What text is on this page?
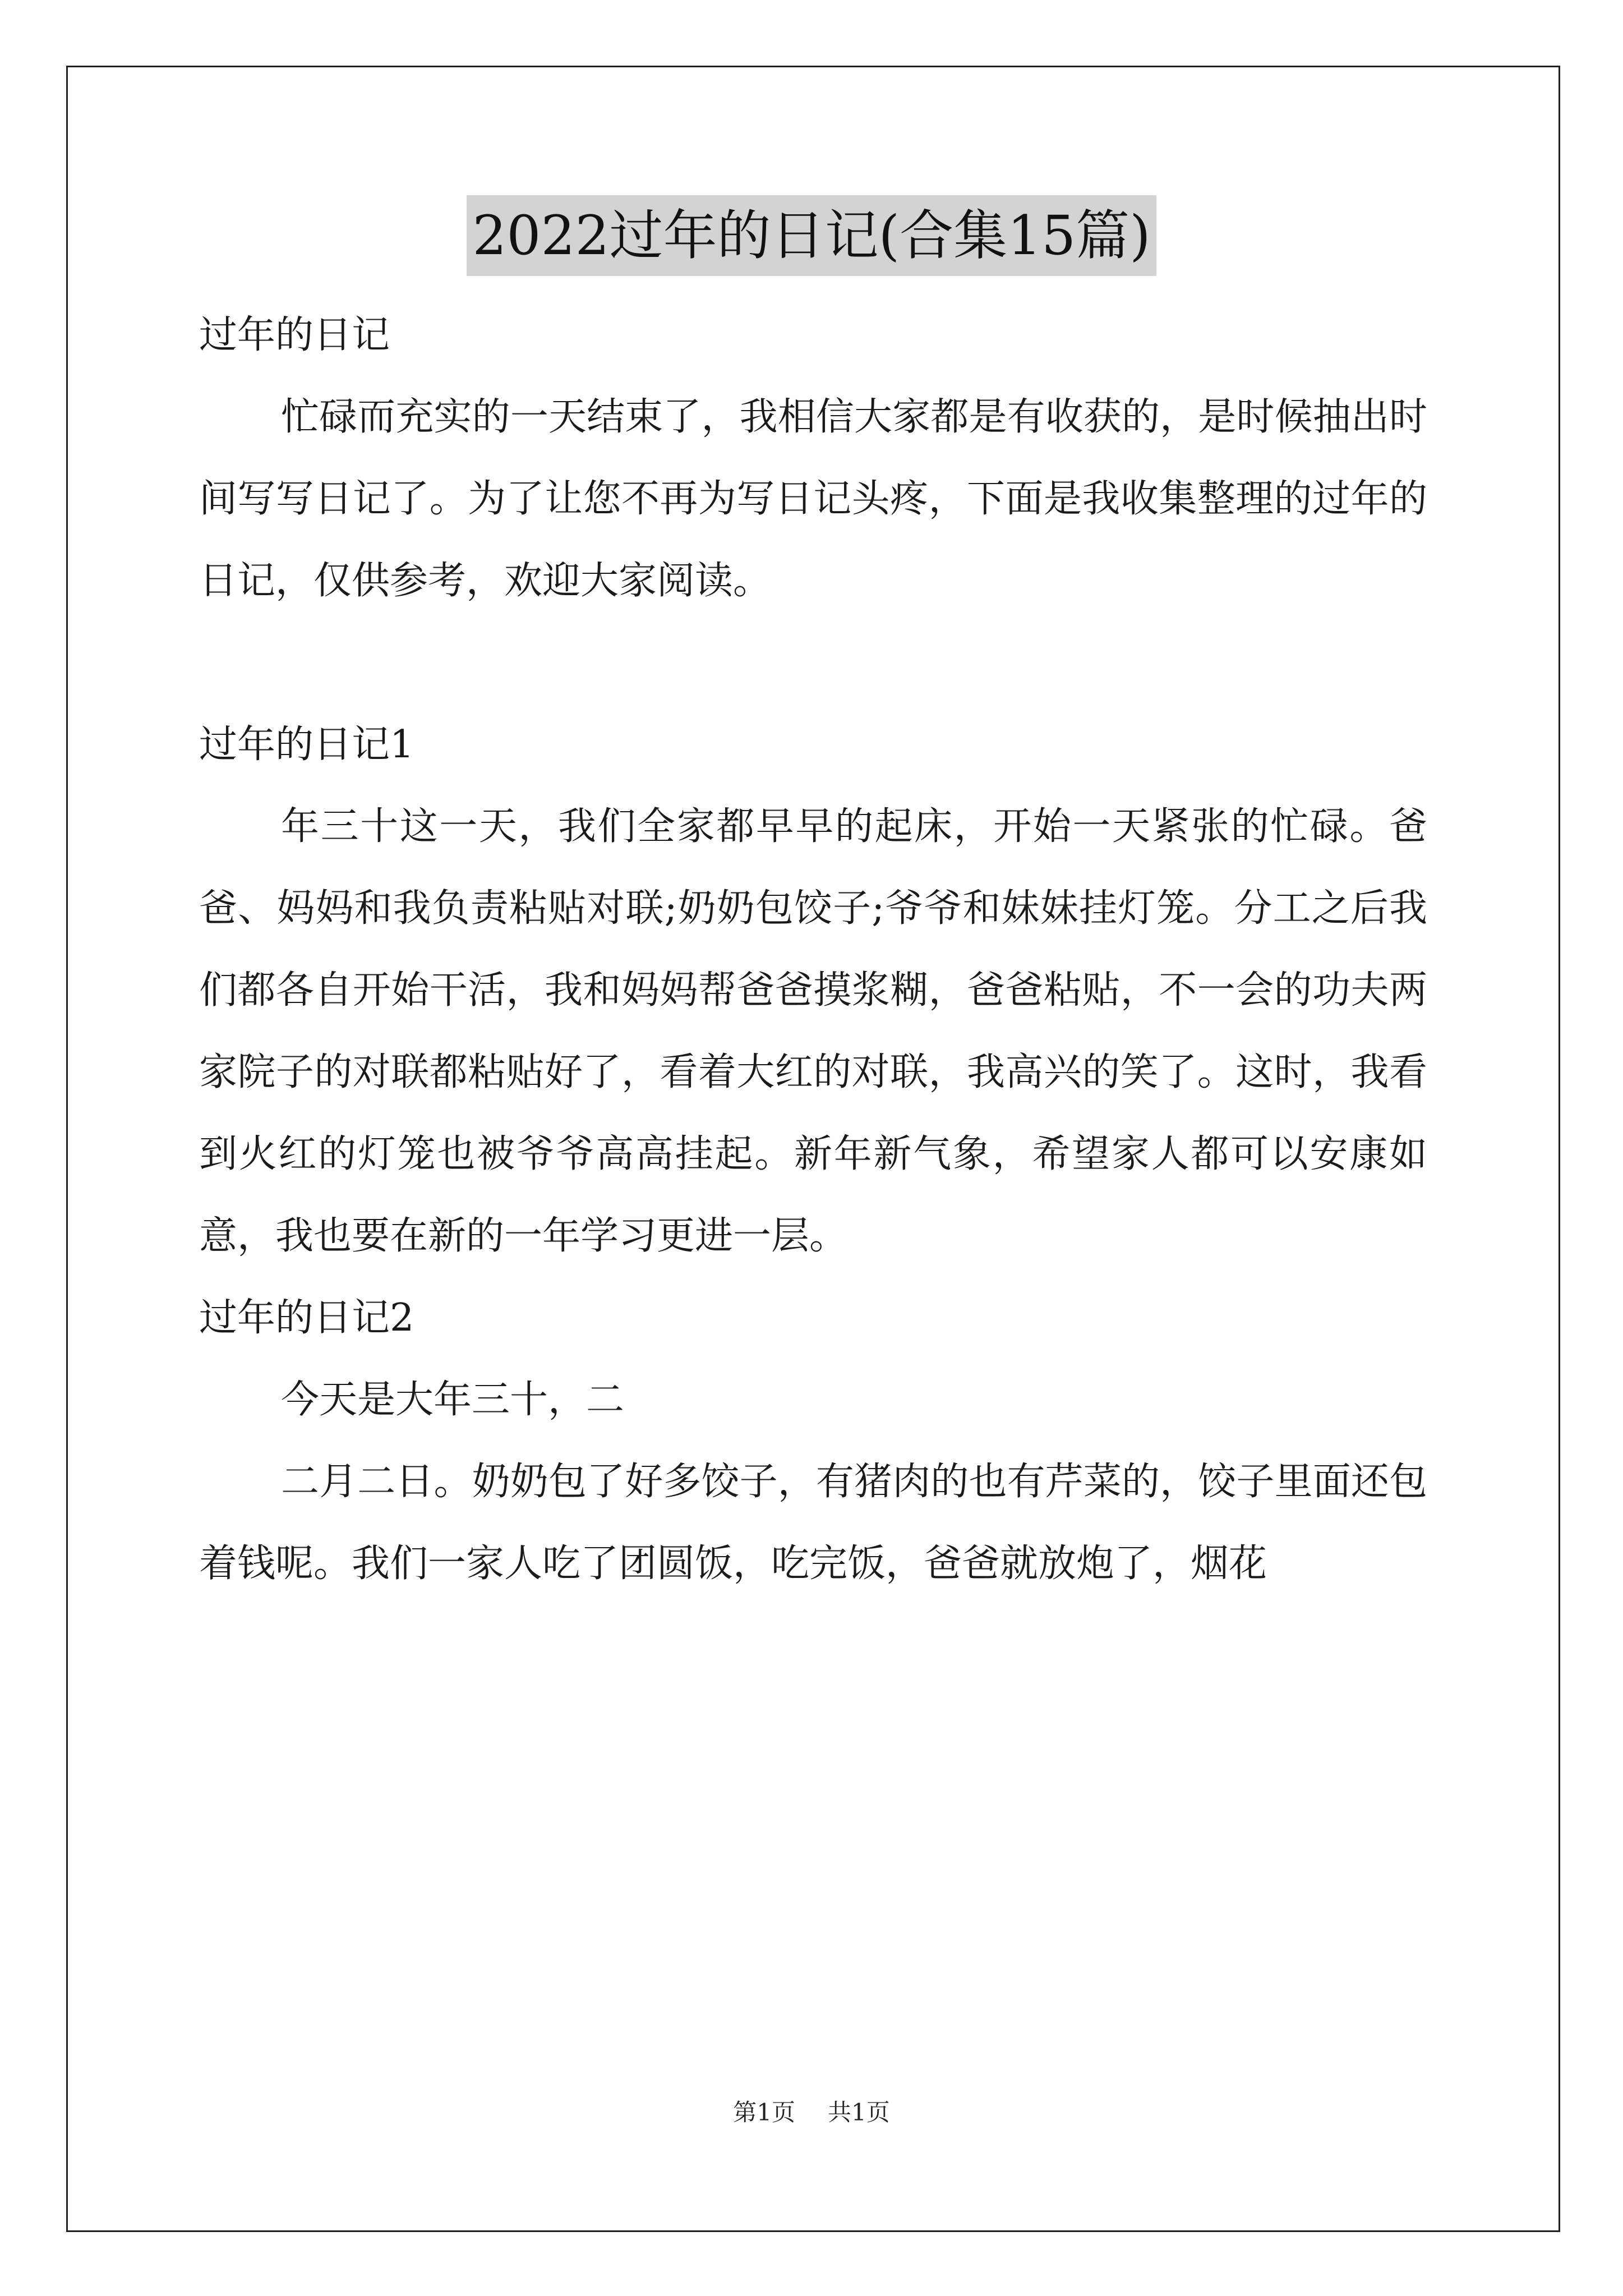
2022过年的日记(合集15篇)

过年的日记

忙碌而充实的一天结束了，我相信大家都是有收获的，是时候抽出时间写写日记了。为了让您不再为写日记头疼，下面是我收集整理的过年的日记，仅供参考，欢迎大家阅读。

过年的日记1

年三十这一天，我们全家都早早的起床，开始一天紧张的忙碌。爸爸、妈妈和我负责粘贴对联;奶奶包饺子;爷爷和妹妹挂灯笼。分工之后我们都各自开始干活，我和妈妈帮爸爸摸浆糊，爸爸粘贴，不一会的功夫两家院子的对联都粘贴好了，看着大红的对联，我高兴的笑了。这时，我看到火红的灯笼也被爷爷高高挂起。新年新气象，希望家人都可以安康如意，我也要在新的一年学习更进一层。

过年的日记2

今天是大年三十，二

二月二日。奶奶包了好多饺子，有猪肉的也有芹菜的，饺子里面还包着钱呢。我们一家人吃了团圆饭，吃完饭，爸爸就放炮了，烟花

第1页 共1页
